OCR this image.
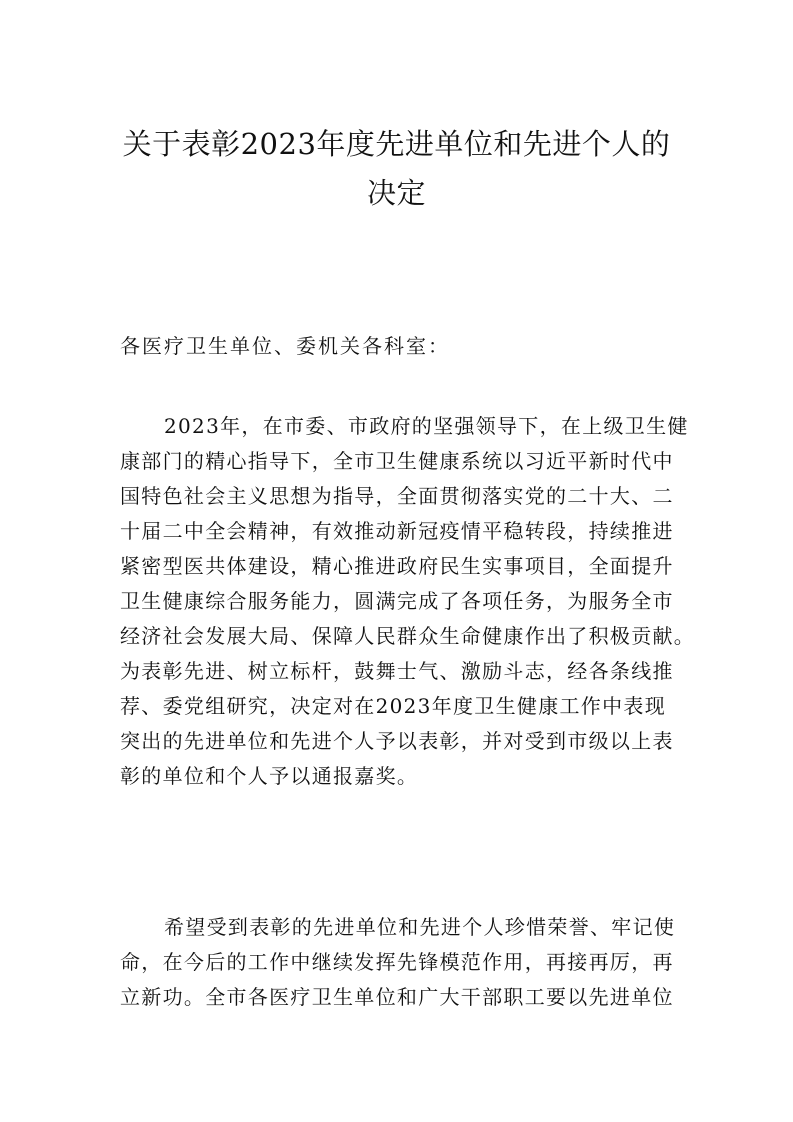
关于表彰2023年度先进单位和先进个人的
决定
各医疗卫生单位、委机关各科室：
2023年，在市委、市政府的坚强领导下，在上级卫生健
康部门的精心指导下，全市卫生健康系统以习近平新时代中
国特色社会主义思想为指导，全面贯彻落实党的二十大、二
十届二中全会精神，有效推动新冠疫情平稳转段，持续推进
紧密型医共体建设，精心推进政府民生实事项目，全面提升
卫生健康综合服务能力，圆满完成了各项任务，为服务全市
经济社会发展大局、保障人民群众生命健康作出了积极贡献。
为表彰先进、树立标杆，鼓舞士气、激励斗志，经各条线推
荐、委党组研究，决定对在2023年度卫生健康工作中表现
突出的先进单位和先进个人予以表彰，并对受到市级以上表
彰的单位和个人予以通报嘉奖。
希望受到表彰的先进单位和先进个人珍惜荣誉、牢记使
命，在今后的工作中继续发挥先锋模范作用，再接再厉，再
立新功。全市各医疗卫生单位和广大干部职工要以先进单位
